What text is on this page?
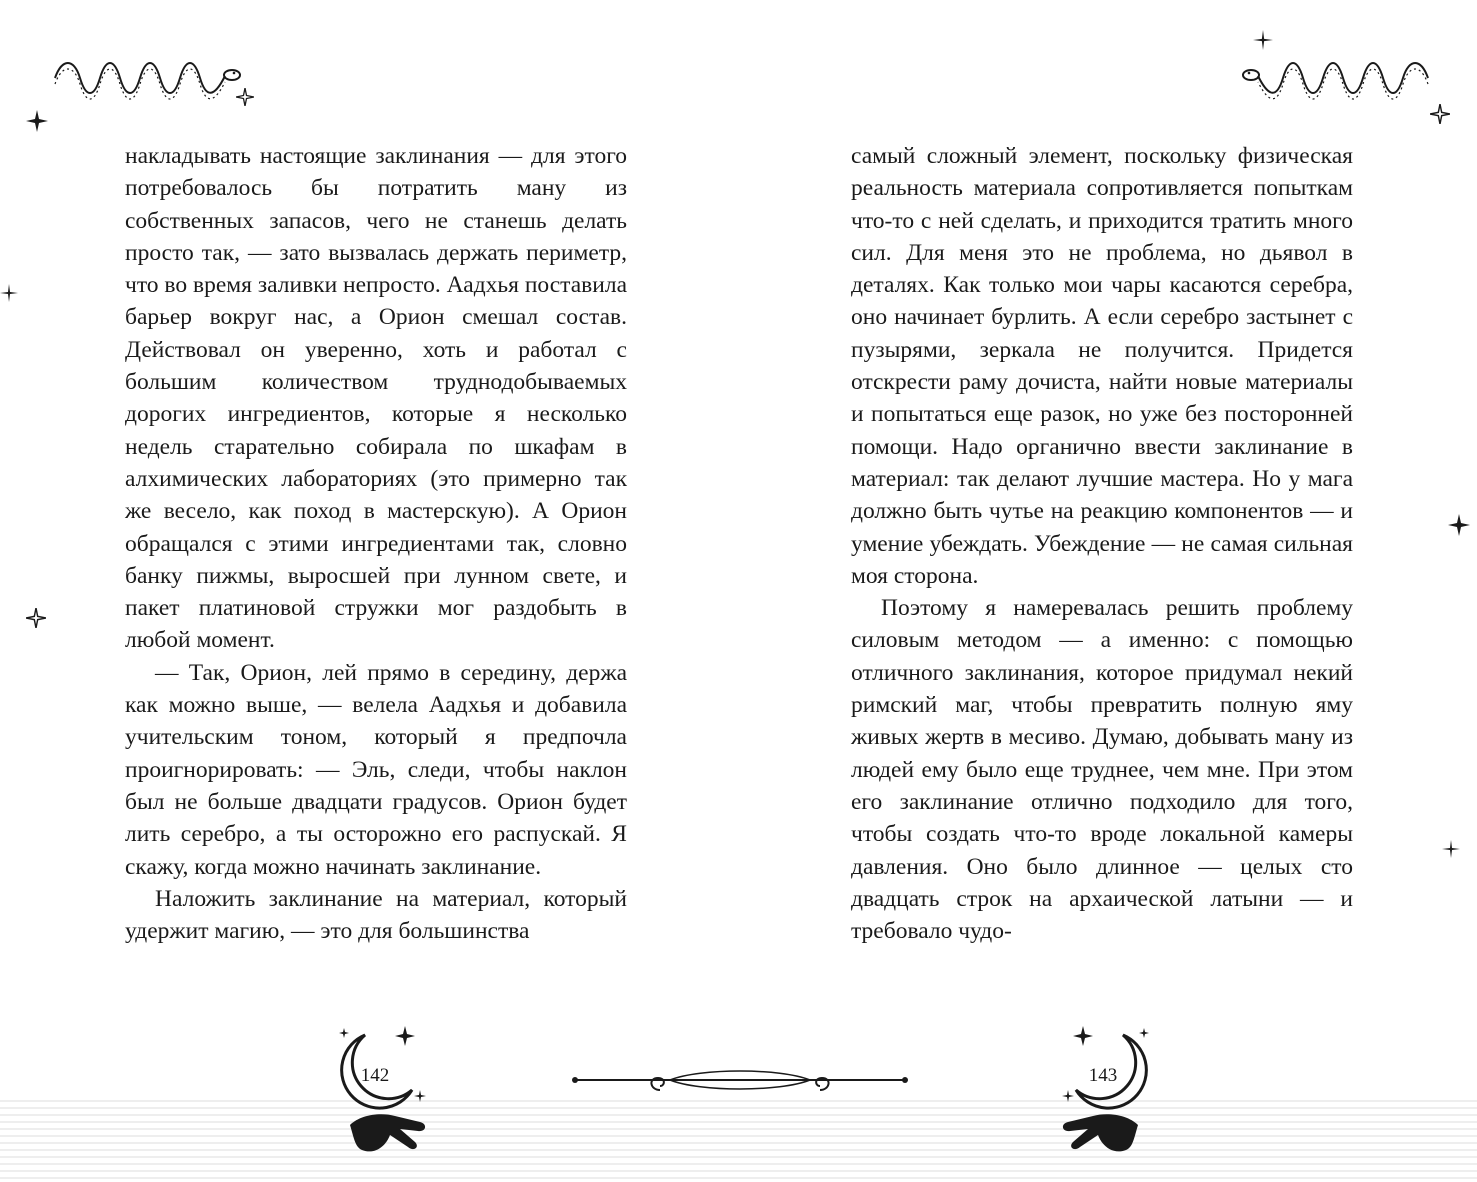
накладывать настоящие заклинания — для этого потребовалось бы потратить ману из собственных запасов, чего не станешь делать просто так, — зато вызвалась держать периметр, что во время заливки непросто. Аадхья поставила барьер вокруг нас, а Орион смешал состав. Действовал он уверенно, хоть и работал с большим количеством труднодобываемых дорогих ингредиентов, которые я несколько недель старательно собирала по шкафам в алхимических лабораториях (это примерно так же весело, как поход в мастерскую). А Орион обращался с этими ингредиентами так, словно банку пижмы, выросшей при лунном свете, и пакет платиновой стружки мог раздобыть в любой момент.

— Так, Орион, лей прямо в середину, держа как можно выше, — велела Аадхья и добавила учительским тоном, который я предпочла проигнорировать: — Эль, следи, чтобы наклон был не больше двадцати градусов. Орион будет лить серебро, а ты осторожно его распускай. Я скажу, когда можно начинать заклинание.

Наложить заклинание на материал, который удержит магию, — это для большинства

142

самый сложный элемент, поскольку физическая реальность материала сопротивляется попыткам что-то с ней сделать, и приходится тратить много сил. Для меня это не проблема, но дьявол в деталях. Как только мои чары касаются серебра, оно начинает бурлить. А если серебро застынет с пузырями, зеркала не получится. Придется отскрести раму дочиста, найти новые материалы и попытаться еще разок, но уже без посторонней помощи. Надо органично ввести заклинание в материал: так делают лучшие мастера. Но у мага должно быть чутье на реакцию компонентов — и умение убеждать. Убеждение — не самая сильная моя сторона.

Поэтому я намеревалась решить проблему силовым методом — а именно: с помощью отличного заклинания, которое придумал некий римский маг, чтобы превратить полную яму живых жертв в месиво. Думаю, добывать ману из людей ему было еще труднее, чем мне. При этом его заклинание отлично подходило для того, чтобы создать что-то вроде локальной камеры давления. Оно было длинное — целых сто двадцать строк на архаической латыни — и требовало чудо-

143
